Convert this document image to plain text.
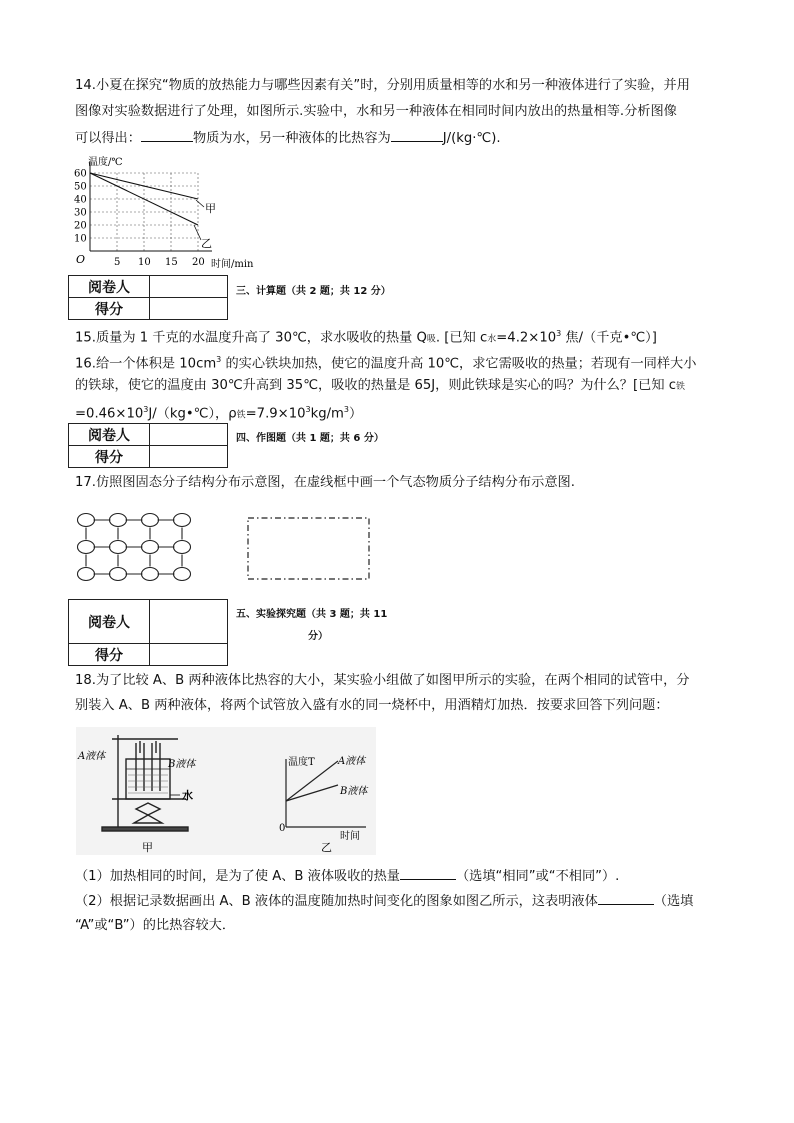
14.小夏在探究“物质的放热能力与哪些因素有关”时，分别用质量相等的水和另一种液体进行了实验，并用
图像对实验数据进行了处理，如图所示.实验中，水和另一种液体在相同时间内放出的热量相等.分析图像
可以得出：	物质为水，另一种液体的比热容为	J/(kg·℃).
60
50
40
30
20
10
5 10 15 20
温度/℃
时间/min
O
甲
乙
阅卷人	
得分	
三、计算题（共 2 题；共 12 分）
15.质量为 1 千克的水温度升高了 30℃，求水吸收的热量 Q吸. [已知 c水$=4.2\times 10^3$ 焦/（千克•℃）]
16.给一个体积是 $10cm^3$ 的实心铁块加热，使它的温度升高 10℃，求它需吸收的热量；若现有一同样大小
的铁球，使它的温度由 30℃升高到 35℃，吸收的热量是 65J，则此铁球是实心的吗？为什么？[已知 c铁
$=0.46\times 10^3J/(kg•℃)$，ρ铁$=7.9\times 10^3kg/m^3$）
阅卷人	
得分	
四、作图题（共 1 题；共 6 分）
17.仿照图固态分子结构分布示意图，在虚线框中画一个气态物质分子结构分布示意图.
阅卷人	
得分	
五、实验探究题（共 3 题；共 11
分）
18.为了比较 A、B 两种液体比热容的大小，某实验小组做了如图甲所示的实验，在两个相同的试管中，分
别装入 A、B 两种液体，将两个试管放入盛有水的同一烧杯中，用酒精灯加热．按要求回答下列问题：
A液体
B液体
水
甲
温度T
时间
0
A液体
B液体
乙
（1）加热相同的时间，是为了使 A、B 液体吸收的热量	（选填“相同”或“不相同”）.
（2）根据记录数据画出 A、B 液体的温度随加热时间变化的图象如图乙所示，这表明液体	（选填
“A”或“B”）的比热容较大．
